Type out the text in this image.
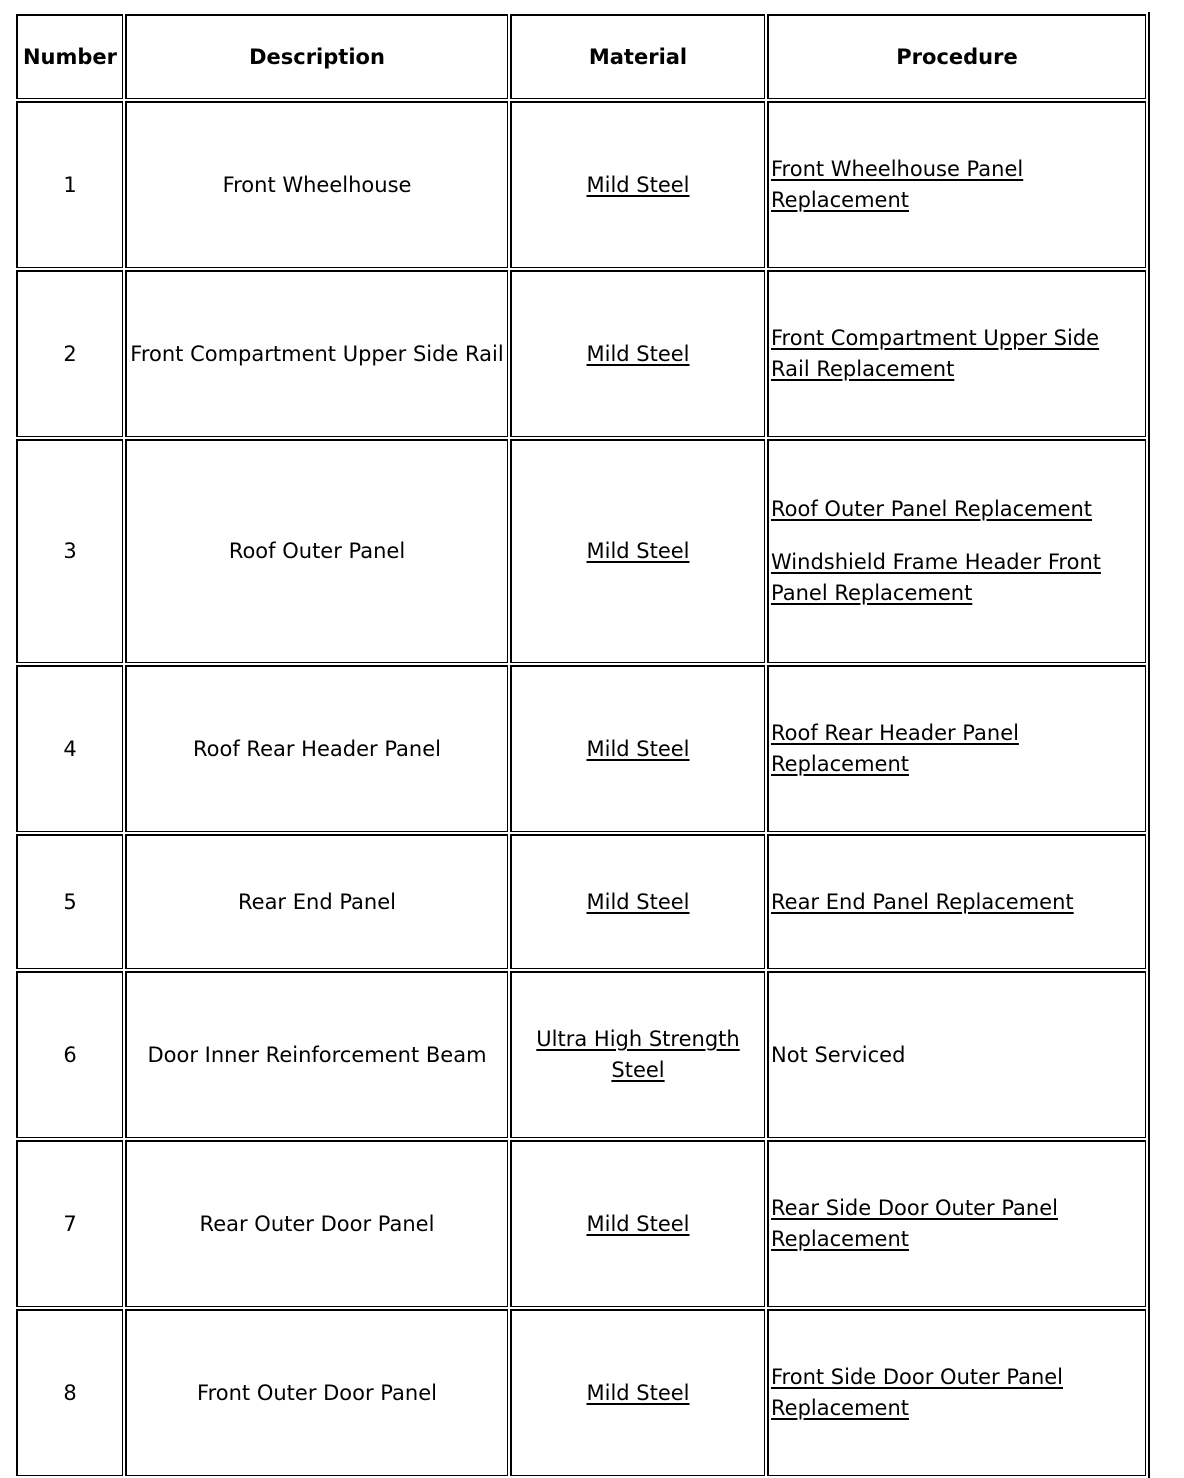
Number	Description	Material	Procedure
1	Front Wheelhouse	Mild Steel	Front Wheelhouse Panel Replacement

2	Front Compartment Upper Side Rail	Mild Steel	Front Compartment Upper Side Rail Replacement

3	Roof Outer Panel	Mild Steel	Roof Outer Panel Replacement
Windshield Frame Header Front Panel Replacement

4	Roof Rear Header Panel	Mild Steel	Roof Rear Header Panel Replacement

5	Rear End Panel	Mild Steel	Rear End Panel Replacement

6	Door Inner Reinforcement Beam	Ultra High Strength Steel	Not Serviced
7	Rear Outer Door Panel	Mild Steel	Rear Side Door Outer Panel Replacement

8	Front Outer Door Panel	Mild Steel	Front Side Door Outer Panel Replacement
